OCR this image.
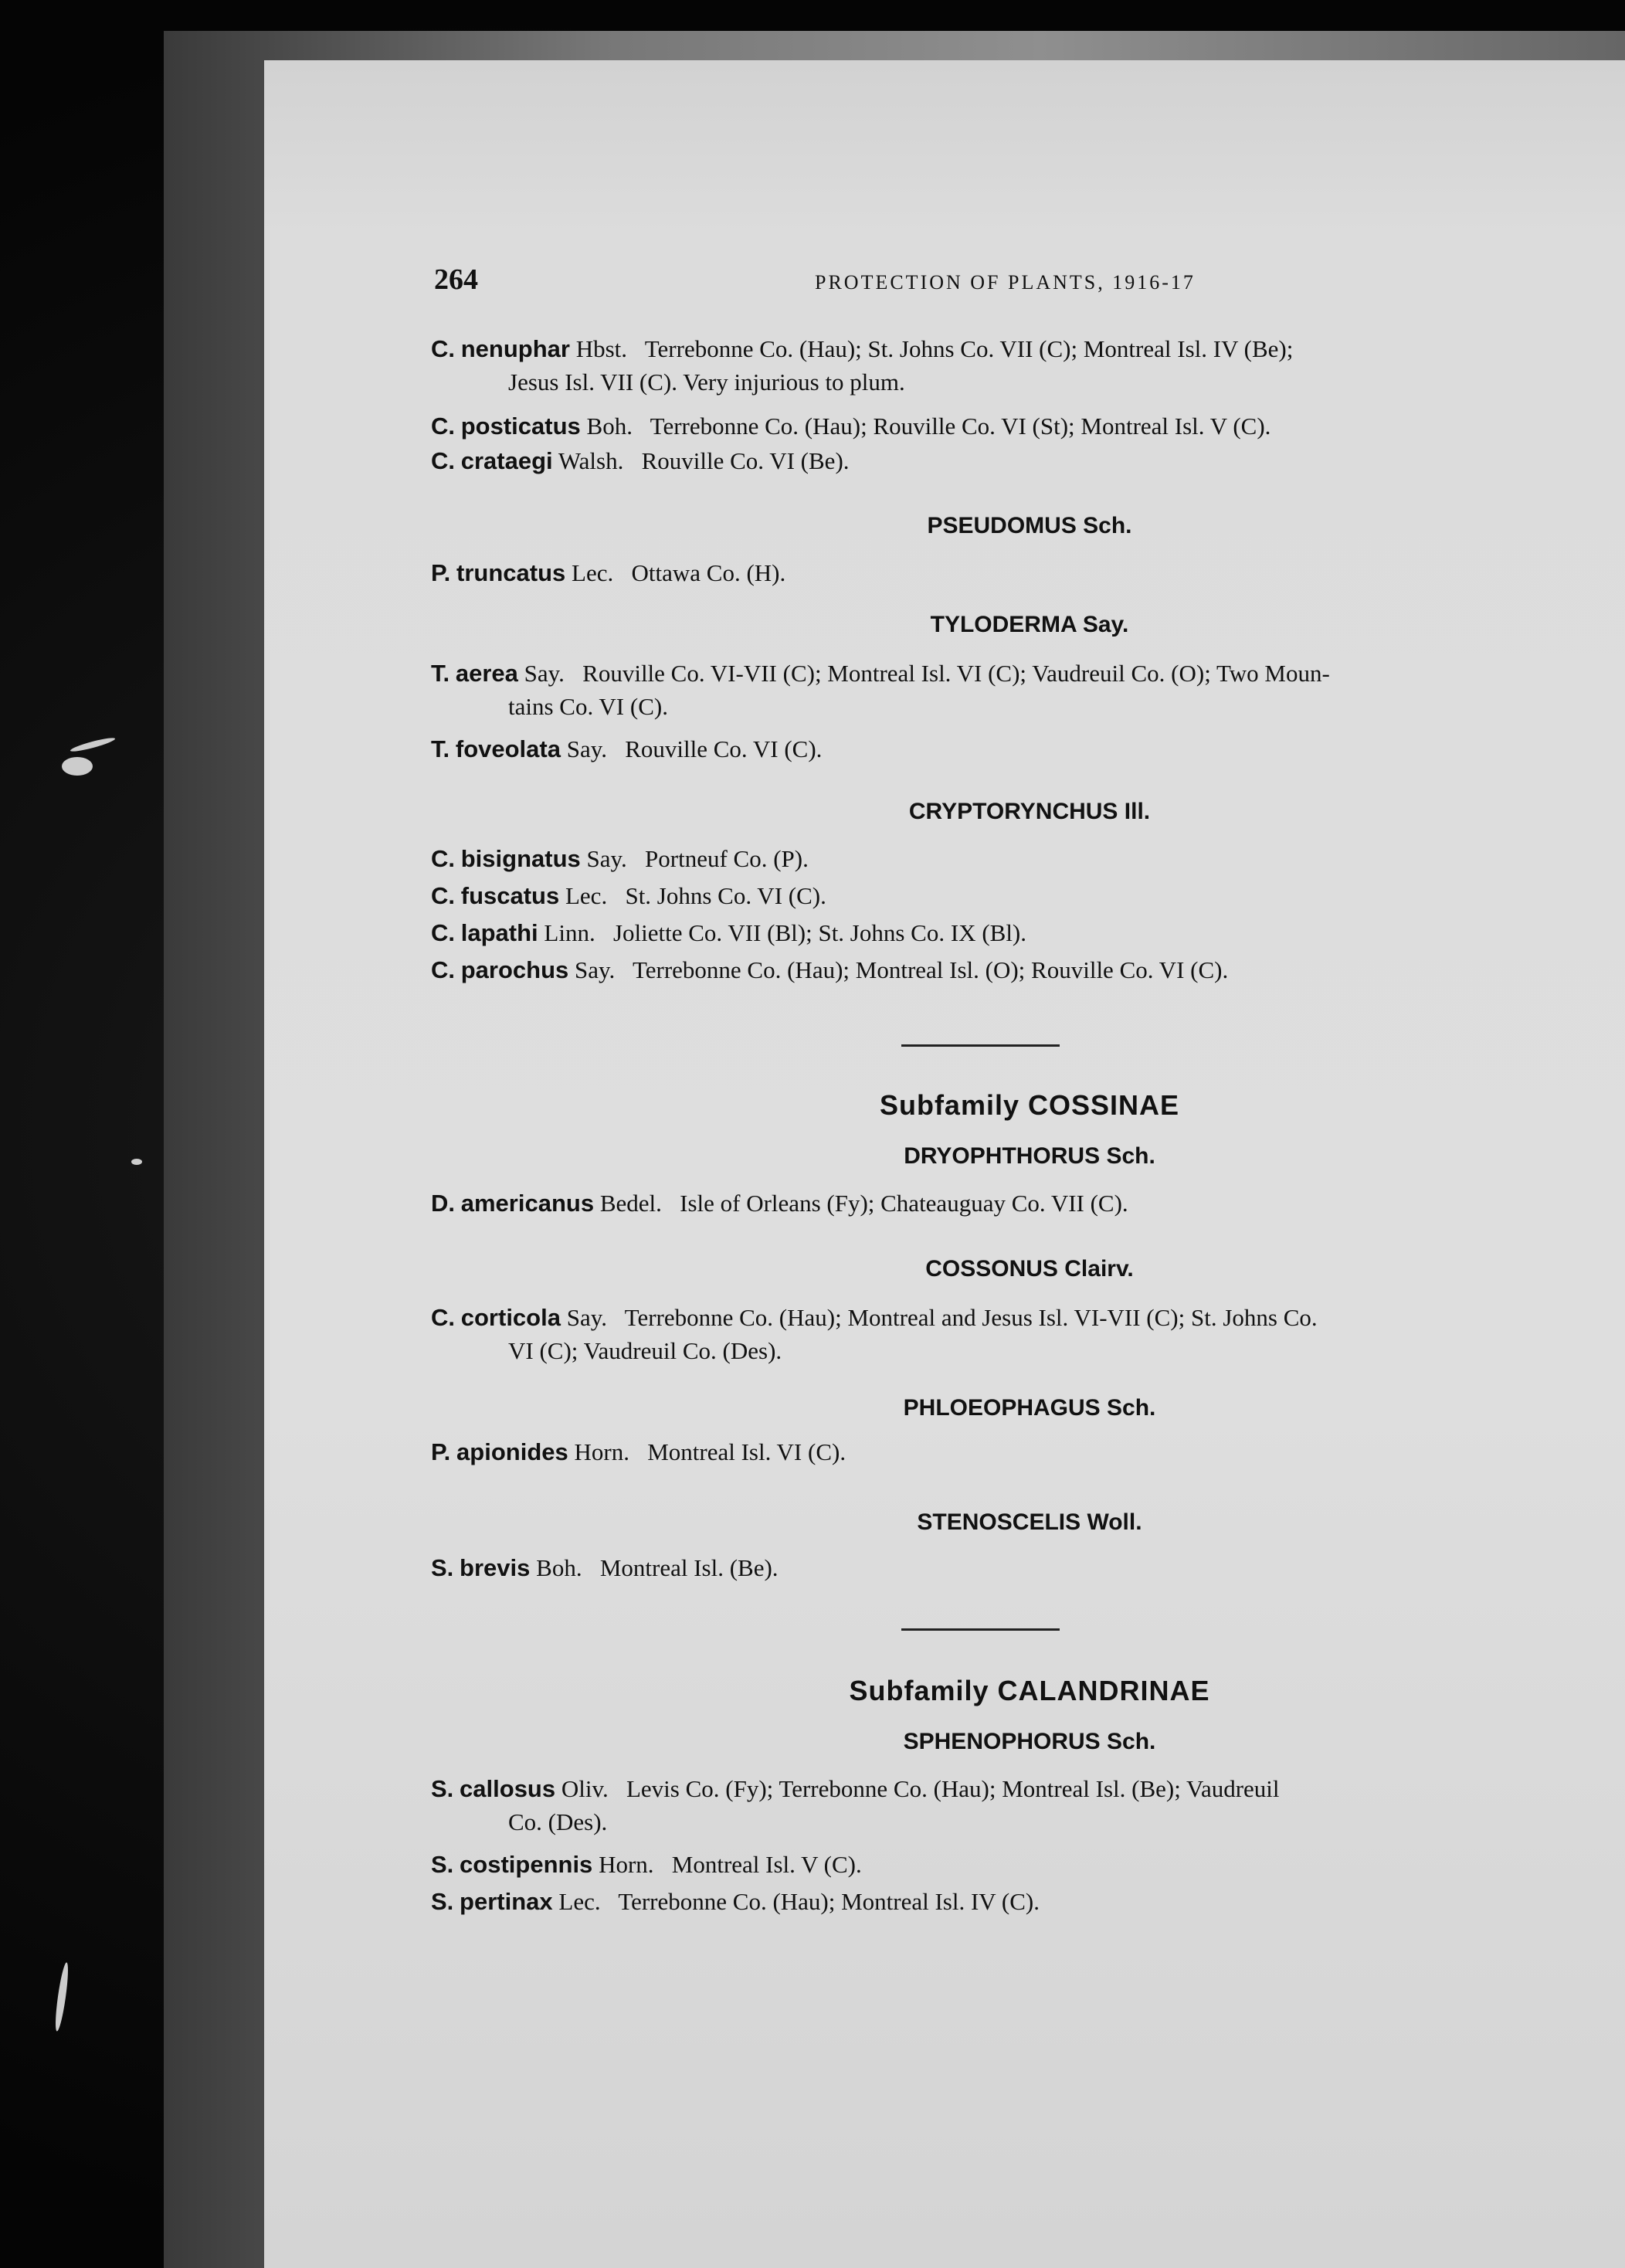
264	PROTECTION OF PLANTS, 1916-17
C. nenuphar Hbst. Terrebonne Co. (Hau); St. Johns Co. VII (C); Montreal Isl. IV (Be);
Jesus Isl. VII (C). Very injurious to plum.
C. posticatus Boh. Terrebonne Co. (Hau); Rouville Co. VI (St); Montreal Isl. V (C).
C. crataegi Walsh. Rouville Co. VI (Be).
PSEUDOMUS Sch.
P. truncatus Lec. Ottawa Co. (H).
TYLODERMA Say.
T. aerea Say. Rouville Co. VI-VII (C); Montreal Isl. VI (C); Vaudreuil Co. (O); Two Moun-
tains Co. VI (C).
T. foveolata Say. Rouville Co. VI (C).
CRYPTORYNCHUS Ill.
C. bisignatus Say. Portneuf Co. (P).
C. fuscatus Lec. St. Johns Co. VI (C).
C. lapathi Linn. Joliette Co. VII (Bl); St. Johns Co. IX (Bl).
C. parochus Say. Terrebonne Co. (Hau); Montreal Isl. (O); Rouville Co. VI (C).
Subfamily COSSINAE
DRYOPHTHORUS Sch.
D. americanus Bedel. Isle of Orleans (Fy); Chateauguay Co. VII (C).
COSSONUS Clairv.
C. corticola Say. Terrebonne Co. (Hau); Montreal and Jesus Isl. VI-VII (C); St. Johns Co.
VI (C); Vaudreuil Co. (Des).
PHLOEOPHAGUS Sch.
P. apionides Horn. Montreal Isl. VI (C).
STENOSCELIS Woll.
S. brevis Boh. Montreal Isl. (Be).
Subfamily CALANDRINAE
SPHENOPHORUS Sch.
S. callosus Oliv. Levis Co. (Fy); Terrebonne Co. (Hau); Montreal Isl. (Be); Vaudreuil
Co. (Des).
S. costipennis Horn. Montreal Isl. V (C).
S. pertinax Lec. Terrebonne Co. (Hau); Montreal Isl. IV (C).
